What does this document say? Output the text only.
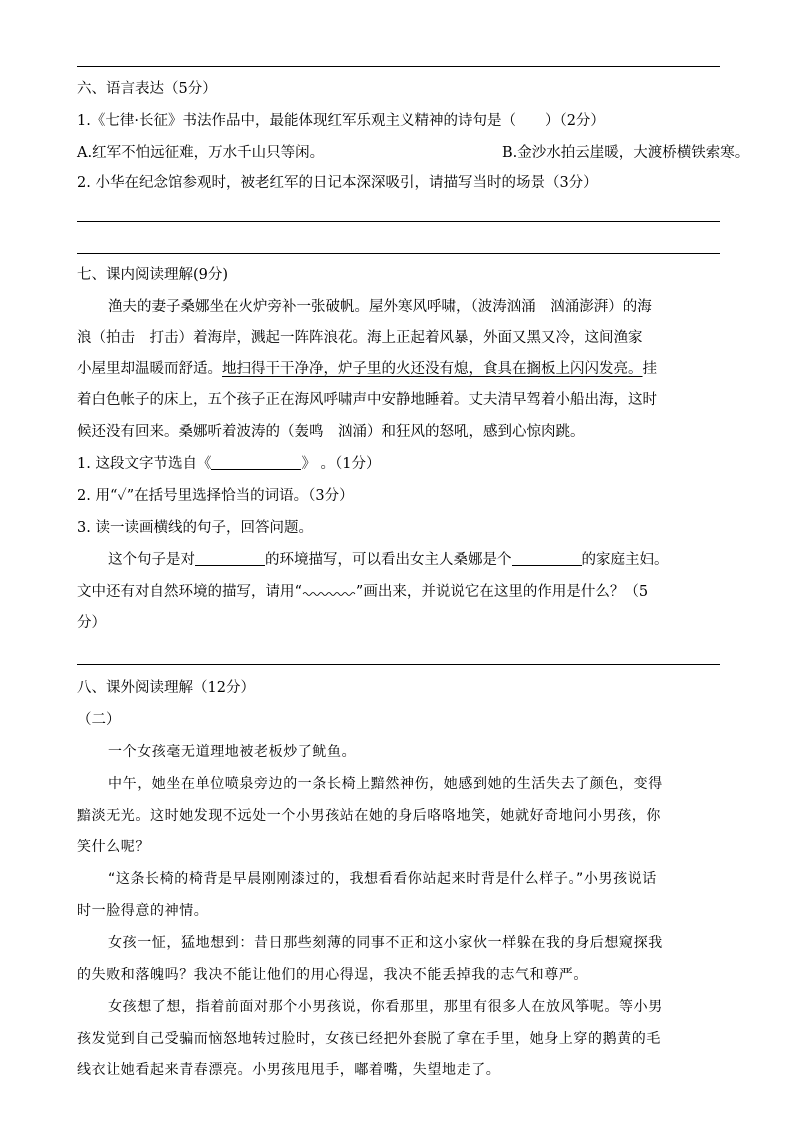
六、语言表达（5分）
1.《七律·长征》书法作品中，最能体现红军乐观主义精神的诗句是（　　）（2分）
A.红军不怕远征难，万水千山只等闲。	B.金沙水拍云崖暖，大渡桥横铁索寒。
2. 小华在纪念馆参观时，被老红军的日记本深深吸引，请描写当时的场景（3分）
七、课内阅读理解(9分)
渔夫的妻子桑娜坐在火炉旁补一张破帆。屋外寒风呼啸，（波涛汹涌　汹涌澎湃）的海
浪（拍击　打击）着海岸，溅起一阵阵浪花。海上正起着风暴，外面又黑又冷，这间渔家
小屋里却温暖而舒适。地扫得干干净净，炉子里的火还没有熄，食具在搁板上闪闪发亮。挂
着白色帐子的床上，五个孩子正在海风呼啸声中安静地睡着。丈夫清早驾着小船出海，这时
候还没有回来。桑娜听着波涛的（轰鸣　汹涌）和狂风的怒吼，感到心惊肉跳。
1. 这段文字节选自《	》 。（1分）
2. 用“✓”在括号里选择恰当的词语。（3分）
3. 读一读画横线的句子，回答问题。
这个句子是对	的环境描写，可以看出女主人桑娜是个	的家庭主妇。
文中还有对自然环境的描写，请用“	”画出来，并说说它在这里的作用是什么？（5
分）
八、课外阅读理解（12分）
（二）
一个女孩毫无道理地被老板炒了鱿鱼。
中午，她坐在单位喷泉旁边的一条长椅上黯然神伤，她感到她的生活失去了颜色，变得
黯淡无光。这时她发现不远处一个小男孩站在她的身后咯咯地笑，她就好奇地问小男孩，你
笑什么呢？
“这条长椅的椅背是早晨刚刚漆过的，我想看看你站起来时背是什么样子。”小男孩说话
时一脸得意的神情。
女孩一怔，猛地想到：昔日那些刻薄的同事不正和这小家伙一样躲在我的身后想窥探我
的失败和落魄吗？我决不能让他们的用心得逞，我决不能丢掉我的志气和尊严。
女孩想了想，指着前面对那个小男孩说，你看那里，那里有很多人在放风筝呢。等小男
孩发觉到自己受骗而恼怒地转过脸时，女孩已经把外套脱了拿在手里，她身上穿的鹅黄的毛
线衣让她看起来青春漂亮。小男孩甩甩手，嘟着嘴，失望地走了。
